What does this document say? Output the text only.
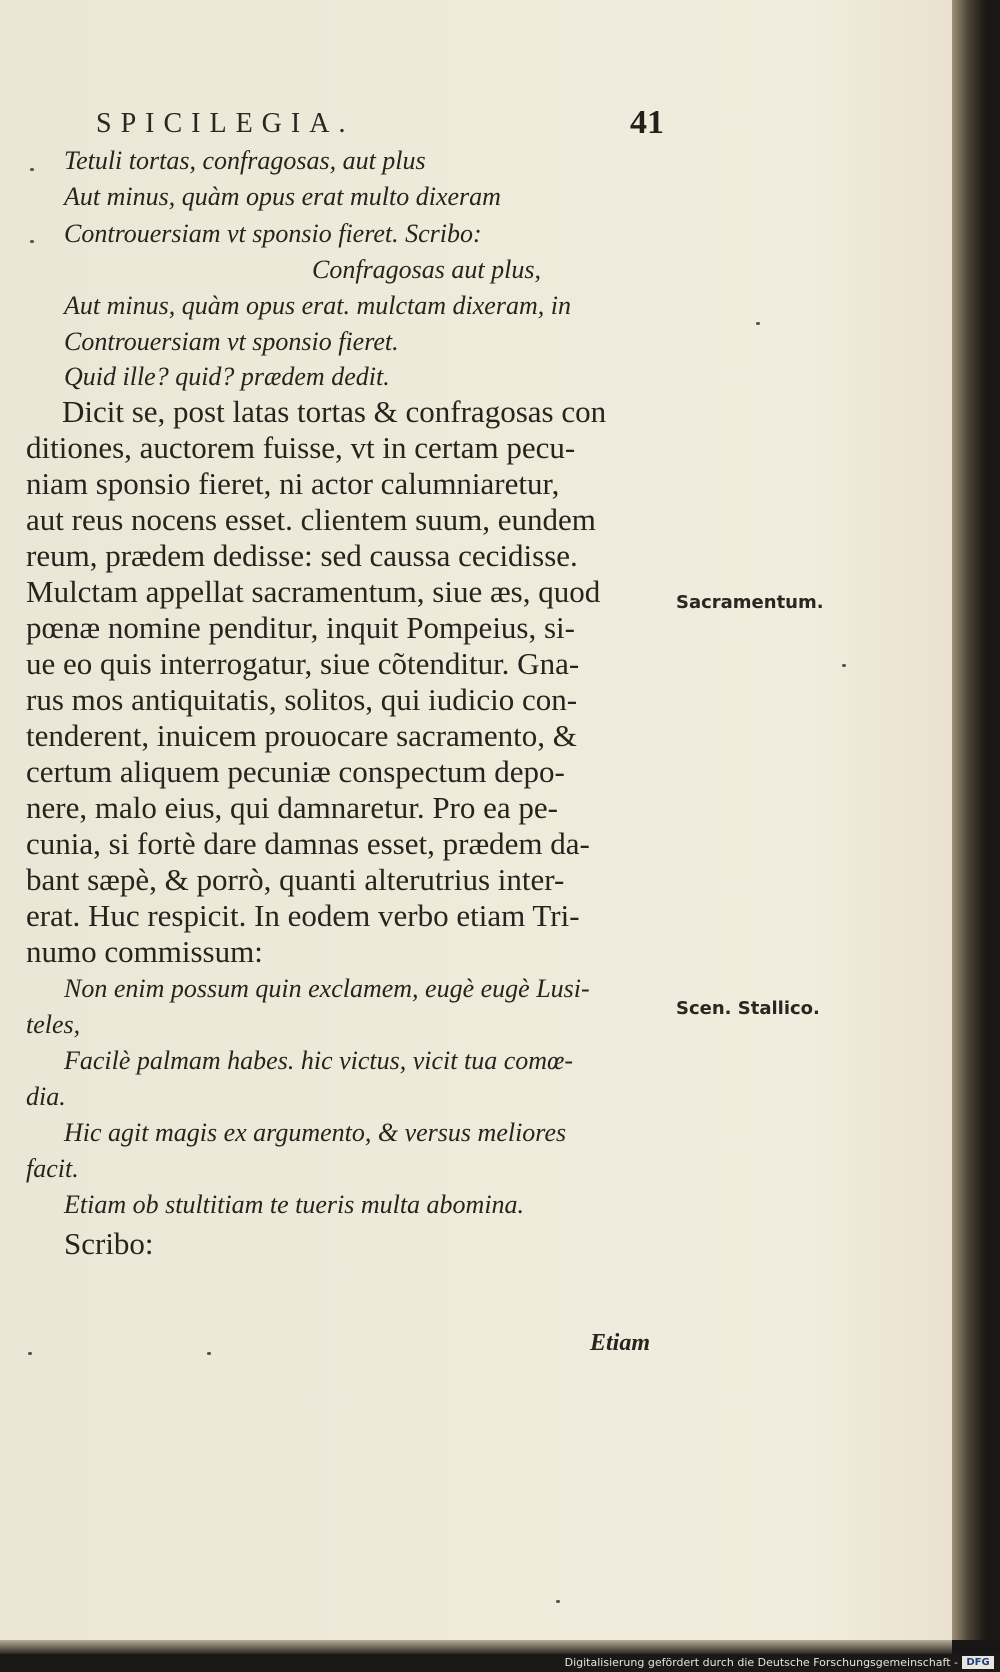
SPICILEGIA.	41
Tetuli tortas, confragosas, aut plus
Aut minus, quàm opus erat multo dixeram
Controuersiam vt sponsio fieret. Scribo:
Confragosas aut plus,
Aut minus, quàm opus erat. mulctam dixeram, in
Controuersiam vt sponsio fieret.
Quid ille? quid? prædem dedit.
Dicit se, post latas tortas & confragosas con
ditiones, auctorem fuisse, vt in certam pecu-
niam sponsio fieret, ni actor calumniaretur,
aut reus nocens esset. clientem suum, eundem
reum, prædem dedisse: sed caussa cecidisse.
Mulctam appellat sacramentum, siue æs, quod
pœnæ nomine penditur, inquit Pompeius, si-
ue eo quis interrogatur, siue cõtenditur. Gna-
rus mos antiquitatis, solitos, qui iudicio con-
tenderent, inuicem prouocare sacramento, &
certum aliquem pecuniæ conspectum depo-
nere, malo eius, qui damnaretur. Pro ea pe-
cunia, si fortè dare damnas esset, prædem da-
bant sæpè, & porrò, quanti alterutrius inter-
erat. Huc respicit. In eodem verbo etiam Tri-
numo commissum:
Non enim possum quin exclamem, eugè eugè Lusi-
teles,
Facilè palmam habes. hic victus, vicit tua comœ-
dia.
Hic agit magis ex argumento, & versus meliores
facit.
Etiam ob stultitiam te tueris multa abomina.
Scribo:
Sacramentum.
Scen. Stallico.
Etiam
Digitalisierung gefördert durch die Deutsche Forschungsgemeinschaft - DFG
